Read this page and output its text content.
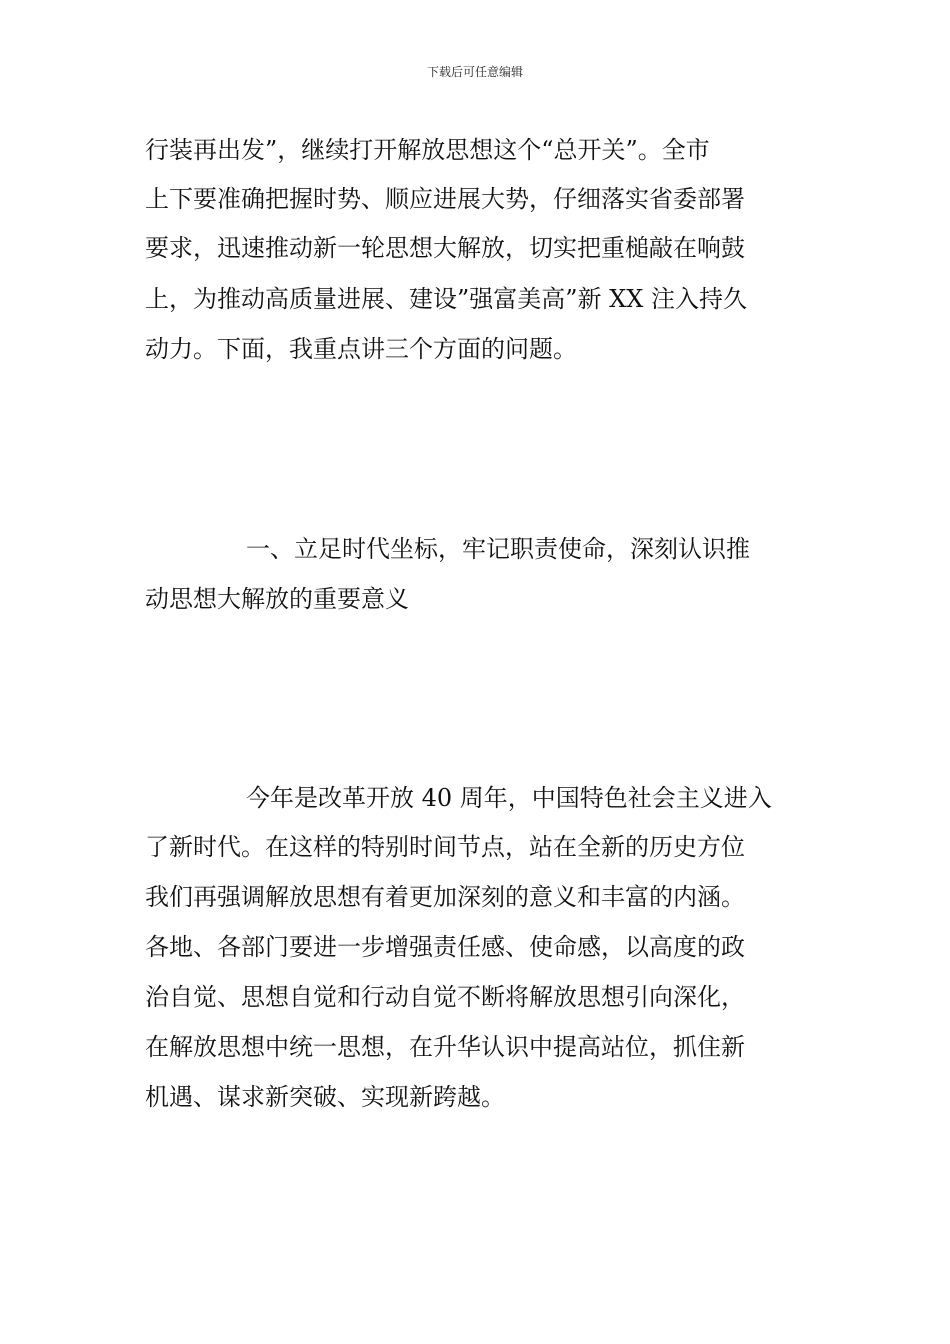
下载后可任意编辑
行装再出发”，继续打开解放思想这个“总开关”。全市
上下要准确把握时势、顺应进展大势，仔细落实省委部署
要求，迅速推动新一轮思想大解放，切实把重槌敲在响鼓
上，为推动高质量进展、建设”强富美高”新 XX 注入持久
动力。下面，我重点讲三个方面的问题。
一、立足时代坐标，牢记职责使命，深刻认识推
动思想大解放的重要意义
今年是改革开放 40 周年，中国特色社会主义进入
了新时代。在这样的特别时间节点，站在全新的历史方位
我们再强调解放思想有着更加深刻的意义和丰富的内涵。
各地、各部门要进一步增强责任感、使命感，以高度的政
治自觉、思想自觉和行动自觉不断将解放思想引向深化，
在解放思想中统一思想，在升华认识中提高站位，抓住新
机遇、谋求新突破、实现新跨越。
